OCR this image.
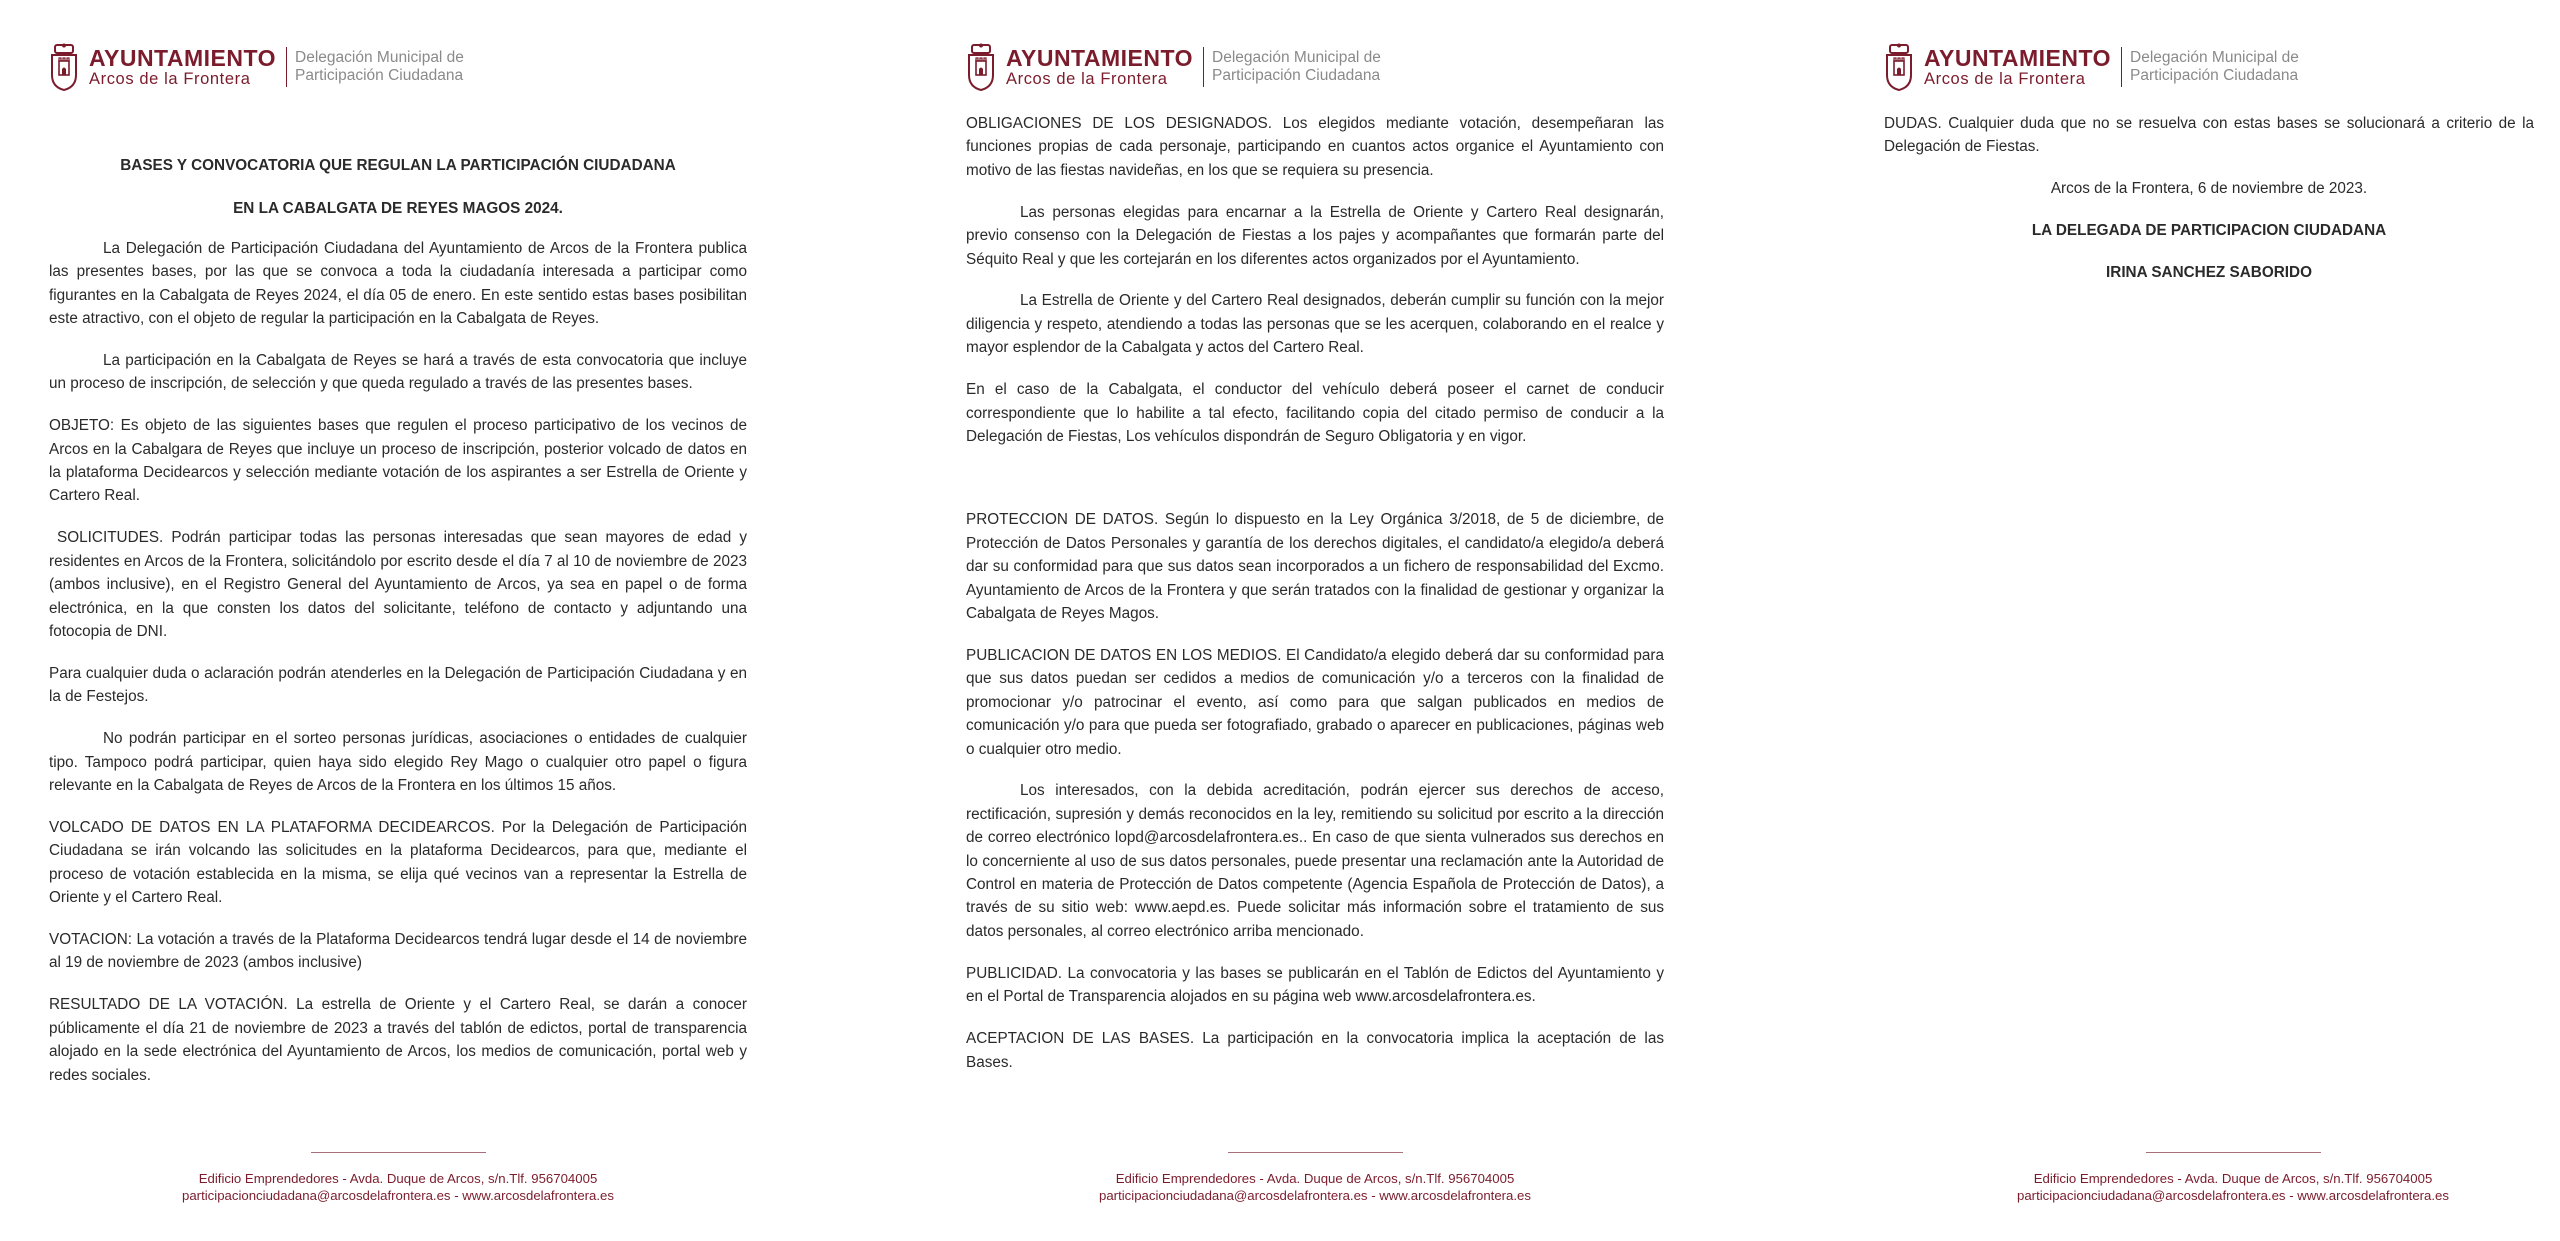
AYUNTAMIENTO
Arcos de la Frontera
Delegación Municipal de
Participación Ciudadana

BASES Y CONVOCATORIA QUE REGULAN LA PARTICIPACIÓN CIUDADANA

EN LA CABALGATA DE REYES MAGOS 2024.

La Delegación de Participación Ciudadana del Ayuntamiento de Arcos de la Frontera publica las presentes bases, por las que se convoca a toda la ciudadanía interesada a participar como figurantes en la Cabalgata de Reyes 2024, el día 05 de enero. En este sentido estas bases posibilitan este atractivo, con el objeto de regular la participación en la Cabalgata de Reyes.

La participación en la Cabalgata de Reyes se hará a través de esta convocatoria que incluye un proceso de inscripción, de selección y que queda regulado a través de las presentes bases.

OBJETO: Es objeto de las siguientes bases que regulen el proceso participativo de los vecinos de Arcos en la Cabalgara de Reyes que incluye un proceso de inscripción, posterior volcado de datos en la plataforma Decidearcos y selección mediante votación de los aspirantes a ser Estrella de Oriente y Cartero Real.

SOLICITUDES. Podrán participar todas las personas interesadas que sean mayores de edad y residentes en Arcos de la Frontera, solicitándolo por escrito desde el día 7 al 10 de noviembre de 2023 (ambos inclusive), en el Registro General del Ayuntamiento de Arcos, ya sea en papel o de forma electrónica, en la que consten los datos del solicitante, teléfono de contacto y adjuntando una fotocopia de DNI.

Para cualquier duda o aclaración podrán atenderles en la Delegación de Participación Ciudadana y en la de Festejos.

No podrán participar en el sorteo personas jurídicas, asociaciones o entidades de cualquier tipo. Tampoco podrá participar, quien haya sido elegido Rey Mago o cualquier otro papel o figura relevante en la Cabalgata de Reyes de Arcos de la Frontera en los últimos 15 años.

VOLCADO DE DATOS EN LA PLATAFORMA DECIDEARCOS. Por la Delegación de Participación Ciudadana se irán volcando las solicitudes en la plataforma Decidearcos, para que, mediante el proceso de votación establecida en la misma, se elija qué vecinos van a representar la Estrella de Oriente y el Cartero Real.

VOTACION: La votación a través de la Plataforma Decidearcos tendrá lugar desde el 14 de noviembre al 19 de noviembre de 2023 (ambos inclusive)

RESULTADO DE LA VOTACIÓN. La estrella de Oriente y el Cartero Real, se darán a conocer públicamente el día 21 de noviembre de 2023 a través del tablón de edictos, portal de transparencia alojado en la sede electrónica del Ayuntamiento de Arcos, los medios de comunicación, portal web y redes sociales.

Edificio Emprendedores - Avda. Duque de Arcos, s/n.Tlf. 956704005
participacionciudadana@arcosdelafrontera.es - www.arcosdelafrontera.es
AYUNTAMIENTO
Arcos de la Frontera
Delegación Municipal de
Participación Ciudadana

OBLIGACIONES DE LOS DESIGNADOS. Los elegidos mediante votación, desempeñaran las funciones propias de cada personaje, participando en cuantos actos organice el Ayuntamiento con motivo de las fiestas navideñas, en los que se requiera su presencia.

Las personas elegidas para encarnar a la Estrella de Oriente y Cartero Real designarán, previo consenso con la Delegación de Fiestas a los pajes y acompañantes que formarán parte del Séquito Real y que les cortejarán en los diferentes actos organizados por el Ayuntamiento.

La Estrella de Oriente y del Cartero Real designados, deberán cumplir su función con la mejor diligencia y respeto, atendiendo a todas las personas que se les acerquen, colaborando en el realce y mayor esplendor de la Cabalgata y actos del Cartero Real.

En el caso de la Cabalgata, el conductor del vehículo deberá poseer el carnet de conducir correspondiente que lo habilite a tal efecto, facilitando copia del citado permiso de conducir a la Delegación de Fiestas, Los vehículos dispondrán de Seguro Obligatoria y en vigor.

PROTECCION DE DATOS. Según lo dispuesto en la Ley Orgánica 3/2018, de 5 de diciembre, de Protección de Datos Personales y garantía de los derechos digitales, el candidato/a elegido/a deberá dar su conformidad para que sus datos sean incorporados a un fichero de responsabilidad del Excmo. Ayuntamiento de Arcos de la Frontera y que serán tratados con la finalidad de gestionar y organizar la Cabalgata de Reyes Magos.

PUBLICACION DE DATOS EN LOS MEDIOS. El Candidato/a elegido deberá dar su conformidad para que sus datos puedan ser cedidos a medios de comunicación y/o a terceros con la finalidad de promocionar y/o patrocinar el evento, así como para que salgan publicados en medios de comunicación y/o para que pueda ser fotografiado, grabado o aparecer en publicaciones, páginas web o cualquier otro medio.

Los interesados, con la debida acreditación, podrán ejercer sus derechos de acceso, rectificación, supresión y demás reconocidos en la ley, remitiendo su solicitud por escrito a la dirección de correo electrónico lopd@arcosdelafrontera.es.. En caso de que sienta vulnerados sus derechos en lo concerniente al uso de sus datos personales, puede presentar una reclamación ante la Autoridad de Control en materia de Protección de Datos competente (Agencia Española de Protección de Datos), a través de su sitio web: www.aepd.es. Puede solicitar más información sobre el tratamiento de sus datos personales, al correo electrónico arriba mencionado.

PUBLICIDAD. La convocatoria y las bases se publicarán en el Tablón de Edictos del Ayuntamiento y en el Portal de Transparencia alojados en su página web www.arcosdelafrontera.es.

ACEPTACION DE LAS BASES. La participación en la convocatoria implica la aceptación de las Bases.

Edificio Emprendedores - Avda. Duque de Arcos, s/n.Tlf. 956704005
participacionciudadana@arcosdelafrontera.es - www.arcosdelafrontera.es
AYUNTAMIENTO
Arcos de la Frontera
Delegación Municipal de
Participación Ciudadana

DUDAS. Cualquier duda que no se resuelva con estas bases se solucionará a criterio de la Delegación de Fiestas.

Arcos de la Frontera, 6 de noviembre de 2023.

LA DELEGADA DE PARTICIPACION CIUDADANA

IRINA SANCHEZ SABORIDO

Edificio Emprendedores - Avda. Duque de Arcos, s/n.Tlf. 956704005
participacionciudadana@arcosdelafrontera.es - www.arcosdelafrontera.es
